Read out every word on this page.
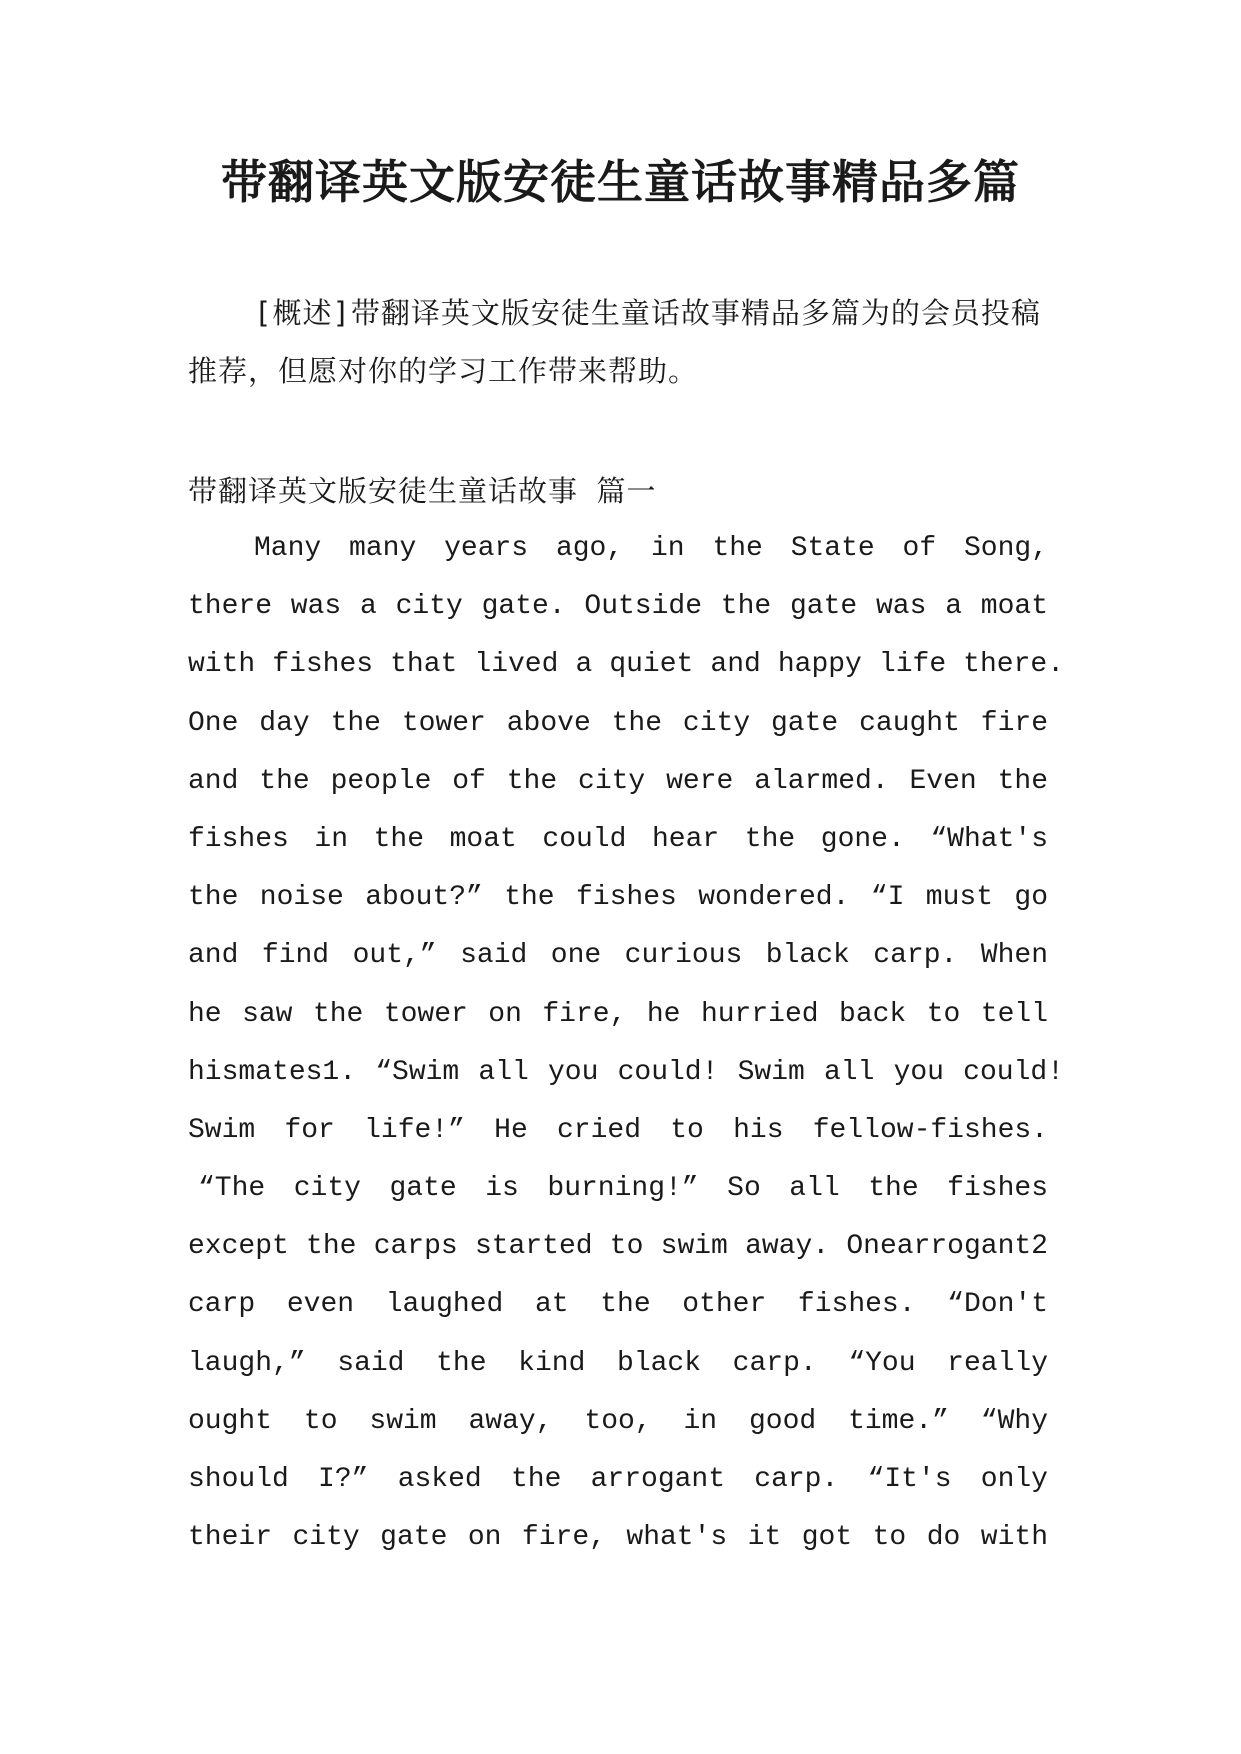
带翻译英文版安徒生童话故事精品多篇

[概述]带翻译英文版安徒生童话故事精品多篇为的会员投稿推荐，但愿对你的学习工作带来帮助。

带翻译英文版安徒生童话故事 篇一

Many many years ago, in the State of Song,
there was a city gate. Outside the gate was a moat
with fishes that lived a quiet and happy life there.
One day the tower above the city gate caught fire
and the people of the city were alarmed. Even the
fishes in the moat could hear the gone. “What's
the noise about?” the fishes wondered. “I must go
and find out,” said one curious black carp. When
he saw the tower on fire, he hurried back to tell
hismates1. “Swim all you could! Swim all you could!
Swim for life!” He cried to his fellow-fishes.
“The city gate is burning!” So all the fishes
except the carps started to swim away. Onearrogant2
carp even laughed at the other fishes. “Don't
laugh,” said the kind black carp. “You really
ought to swim away, too, in good time.” “Why
should I?” asked the arrogant carp. “It's only
their city gate on fire, what's it got to do with
